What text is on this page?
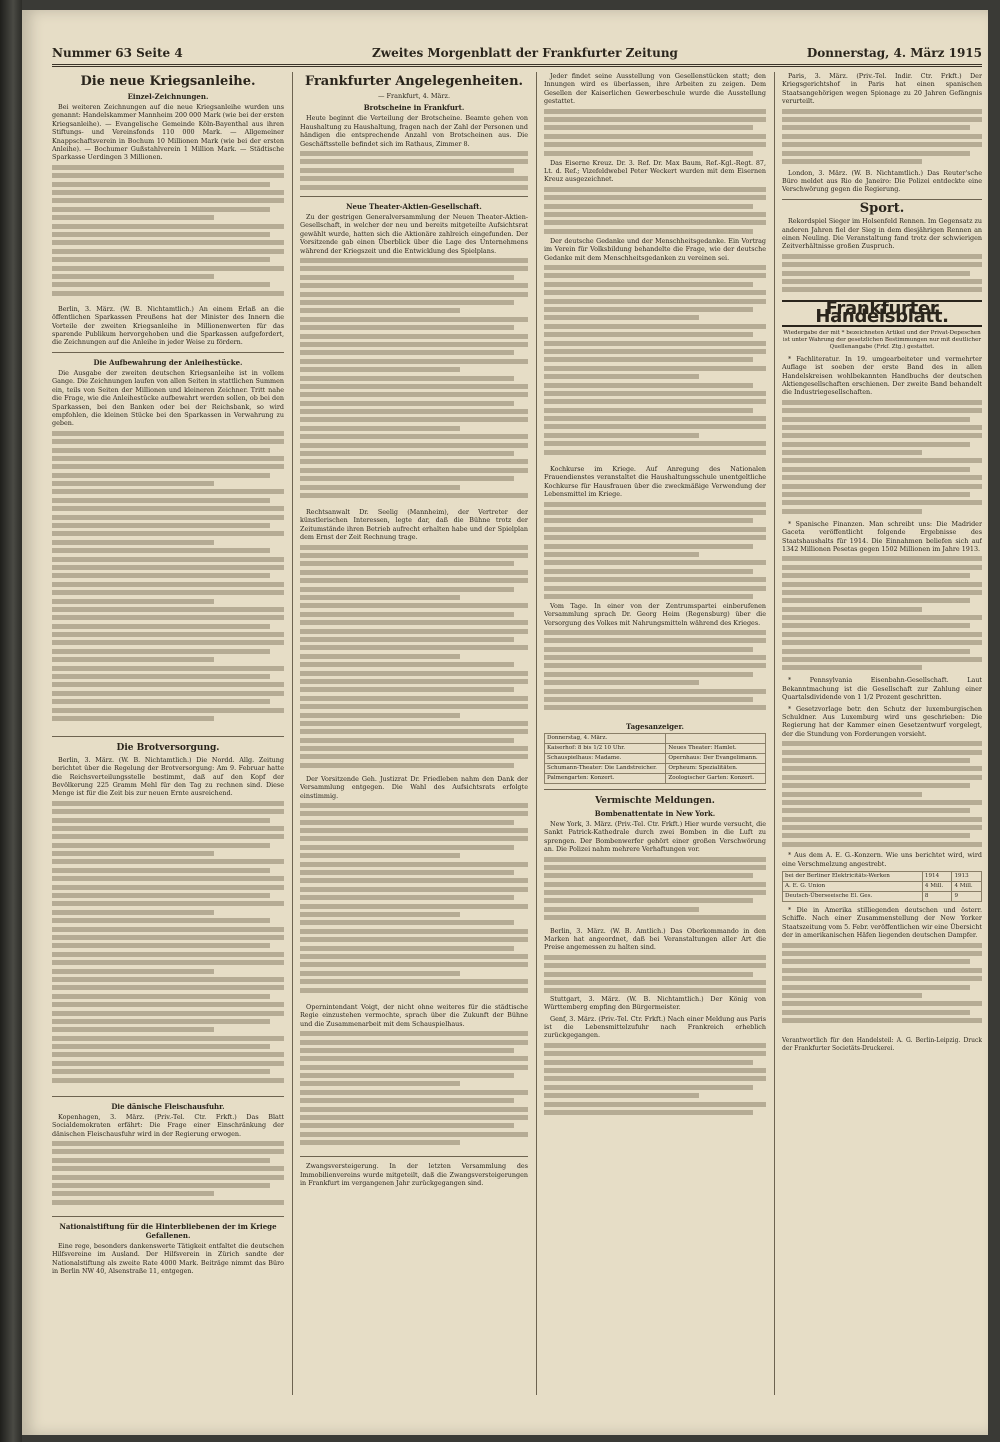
Nummer 63 Seite 4	Zweites Morgenblatt der Frankfurter Zeitung	Donnerstag, 4. März 1915
Die neue Kriegsanleihe.
Einzel-Zeichnungen.

Bei weiteren Zeichnungen auf die neue Kriegsanleihe wurden uns genannt: Handelskammer Mannheim 200 000 Mark (wie bei der ersten Kriegsanleihe). — Evangelische Gemeinde Köln-Bayenthal aus ihren Stiftungs- und Vereinsfonds 110 000 Mark. — Allgemeiner Knappschaftsverein in Bochum 10 Millionen Mark (wie bei der ersten Anleihe). — Bochumer Gußstahlverein 1 Million Mark. — Städtische Sparkasse Uerdingen 3 Millionen.

Berlin, 3. März. (W. B. Nichtamtlich.) An einem Erlaß an die öffentlichen Sparkassen Preußens hat der Minister des Innern die Vorteile der zweiten Kriegsanleihe in Millionenwerten für das sparende Publikum hervorgehoben und die Sparkassen aufgefordert, die Zeichnungen auf die Anleihe in jeder Weise zu fördern.

Die Aufbewahrung der Anleihestücke.

Die Ausgabe der zweiten deutschen Kriegsanleihe ist in vollem Gange. Die Zeichnungen laufen von allen Seiten in stattlichen Summen ein, teils von Seiten der Millionen und kleineren Zeichner. Tritt nahe die Frage, wie die Anleihestücke aufbewahrt werden sollen, ob bei den Sparkassen, bei den Banken oder bei der Reichsbank, so wird empfohlen, die kleinen Stücke bei den Sparkassen in Verwahrung zu geben.

Die Brotversorgung.

Berlin, 3. März. (W. B. Nichtamtlich.) Die Nordd. Allg. Zeitung berichtet über die Regelung der Brotversorgung: Am 9. Februar hatte die Reichsverteilungsstelle bestimmt, daß auf den Kopf der Bevölkerung 225 Gramm Mehl für den Tag zu rechnen sind. Diese Menge ist für die Zeit bis zur neuen Ernte ausreichend.

Die dänische Fleischausfuhr.

Kopenhagen, 3. März. (Priv.-Tel. Ctr. Frkft.) Das Blatt Socialdemokraten erfährt: Die Frage einer Einschränkung der dänischen Fleischausfuhr wird in der Regierung erwogen.

Nationalstiftung für die Hinterbliebenen der im Kriege Gefallenen.

Eine rege, besonders dankenswerte Tätigkeit entfaltet die deutschen Hilfsvereine im Ausland. Der Hilfsverein in Zürich sandte der Nationalstiftung als zweite Rate 4000 Mark. Beiträge nimmt das Büro in Berlin NW 40, Alsenstraße 11, entgegen.

Frankfurter Angelegenheiten.
— Frankfurt, 4. März.
Brotscheine in Frankfurt.

Heute beginnt die Verteilung der Brotscheine. Beamte gehen von Haushaltung zu Haushaltung, fragen nach der Zahl der Personen und händigen die entsprechende Anzahl von Brotscheinen aus. Die Geschäftsstelle befindet sich im Rathaus, Zimmer 8.

Neue Theater-Aktien-Gesellschaft.

Zu der gestrigen Generalversammlung der Neuen Theater-Aktien-Gesellschaft, in welcher der neu und bereits mitgeteilte Aufsichtsrat gewählt wurde, hatten sich die Aktionäre zahlreich eingefunden. Der Vorsitzende gab einen Überblick über die Lage des Unternehmens während der Kriegszeit und die Entwicklung des Spielplans.

Rechtsanwalt Dr. Seelig (Mannheim), der Vertreter der künstlerischen Interessen, legte dar, daß die Bühne trotz der Zeitumstände ihren Betrieb aufrecht erhalten habe und der Spielplan dem Ernst der Zeit Rechnung trage.

Der Vorsitzende Geh. Justizrat Dr. Friedleben nahm den Dank der Versammlung entgegen. Die Wahl des Aufsichtsrats erfolgte einstimmig.

Opernintendant Voigt, der nicht ohne weiteres für die städtische Regie einzustehen vermochte, sprach über die Zukunft der Bühne und die Zusammenarbeit mit dem Schauspielhaus.

Zwangsversteigerung. In der letzten Versammlung des Immobilienvereins wurde mitgeteilt, daß die Zwangsversteigerungen in Frankfurt im vergangenen Jahr zurückgegangen sind.

Jeder findet seine Ausstellung von Gesellenstücken statt; den Innungen wird es überlassen, ihre Arbeiten zu zeigen. Dem Gesellen der Kaiserlichen Gewerbeschule wurde die Ausstellung gestattet.

Das Eiserne Kreuz. Dr. 3. Ref. Dr. Max Baum, Ref.-Kgl.-Regt. 87, Lt. d. Ref.; Vizefeldwebel Peter Weckert wurden mit dem Eisernen Kreuz ausgezeichnet.

Der deutsche Gedanke und der Menschheitsgedanke. Ein Vortrag im Verein für Volksbildung behandelte die Frage, wie der deutsche Gedanke mit dem Menschheitsgedanken zu vereinen sei.

Kochkurse im Kriege. Auf Anregung des Nationalen Frauendienstes veranstaltet die Haushaltungsschule unentgeltliche Kochkurse für Hausfrauen über die zweckmäßige Verwendung der Lebensmittel im Kriege.

Vom Tage. In einer von der Zentrumspartei einberufenen Versammlung sprach Dr. Georg Heim (Regensburg) über die Versorgung des Volkes mit Nahrungsmitteln während des Krieges.

Tagesanzeiger.
Donnerstag, 4. März.	
Kaiserhof: 8 bis 1/2 10 Uhr.	Neues Theater: Hamlet.
Schauspielhaus: Madame.	Opernhaus: Der Evangelimann.
Schumann-Theater: Die Landstreicher.	Orpheum: Spezialitäten.
Palmengarten: Konzert.	Zoologischer Garten: Konzert.
Vermischte Meldungen.
Bombenattentate in New York.

New York, 3. März. (Priv.-Tel. Ctr. Frkft.) Hier wurde versucht, die Sankt Patrick-Kathedrale durch zwei Bomben in die Luft zu sprengen. Der Bombenwerfer gehört einer großen Verschwörung an. Die Polizei nahm mehrere Verhaftungen vor.

Berlin, 3. März. (W. B. Amtlich.) Das Oberkommando in den Marken hat angeordnet, daß bei Veranstaltungen aller Art die Preise angemessen zu halten sind.

Stuttgart, 3. März. (W. B. Nichtamtlich.) Der König von Württemberg empfing den Bürgermeister.

Genf, 3. März. (Priv.-Tel. Ctr. Frkft.) Nach einer Meldung aus Paris ist die Lebensmittelzufuhr nach Frankreich erheblich zurückgegangen.

Paris, 3. März. (Priv.-Tel. Indir. Ctr. Frkft.) Der Kriegsgerichtshof in Paris hat einen spanischen Staatsangehörigen wegen Spionage zu 20 Jahren Gefängnis verurteilt.

London, 3. März. (W. B. Nichtamtlich.) Das Reuter'sche Büro meldet aus Rio de Janeiro: Die Polizei entdeckte eine Verschwörung gegen die Regierung.

Sport.

Rekordspiel Sieger im Holsenfeld Rennen. Im Gegensatz zu anderen Jahren fiel der Sieg in dem diesjährigen Rennen an einen Neuling. Die Veranstaltung fand trotz der schwierigen Zeitverhältnisse großen Zuspruch.

Frankfurter Handelsblatt.
Wiedergabe der mit * bezeichneten Artikel und der Privat-Depeschen ist unter Wahrung der gesetzlichen Bestimmungen nur mit deutlicher Quellenangabe (Frkf. Ztg.) gestattet.

* Fachliteratur. In 19. umgearbeiteter und vermehrter Auflage ist soeben der erste Band des in allen Handelskreisen wohlbekannten Handbuchs der deutschen Aktiengesellschaften erschienen. Der zweite Band behandelt die Industriegesellschaften.

* Spanische Finanzen. Man schreibt uns: Die Madrider Gaceta veröffentlicht folgende Ergebnisse des Staatshaushalts für 1914. Die Einnahmen beliefen sich auf 1342 Millionen Pesetas gegen 1502 Millionen im Jahre 1913.

* Pennsylvania Eisenbahn-Gesellschaft. Laut Bekanntmachung ist die Gesellschaft zur Zahlung einer Quartalsdividende von 1 1/2 Prozent geschritten.

* Gesetzvorlage betr. den Schutz der luxemburgischen Schuldner. Aus Luxemburg wird uns geschrieben: Die Regierung hat der Kammer einen Gesetzentwurf vorgelegt, der die Stundung von Forderungen vorsieht.

* Aus dem A. E. G.-Konzern. Wie uns berichtet wird, wird eine Verschmelzung angestrebt.

bei der Berliner Elektricitäts-Werken	1914	1913
A. E. G. Union	4 Mill.	4 Mill.
Deutsch-Überseeische El. Ges.	8	9

* Die in Amerika stilliegenden deutschen und österr. Schiffe. Nach einer Zusammenstellung der New Yorker Staatszeitung vom 5. Febr. veröffentlichen wir eine Übersicht der in amerikanischen Häfen liegenden deutschen Dampfer.

Verantwortlich für den Handelsteil: A. G. Berlin-Leipzig. Druck der Frankfurter Societäts-Druckerei.
